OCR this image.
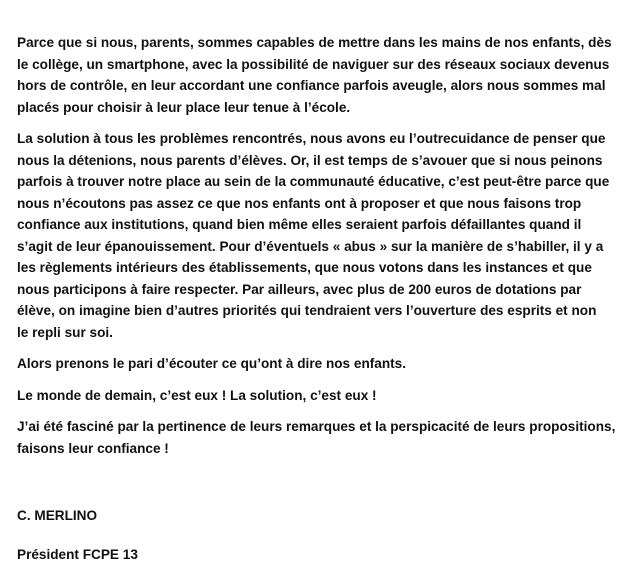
Parce que si nous, parents, sommes capables de mettre dans les mains de nos enfants, dès
le collège, un smartphone, avec la possibilité de naviguer sur des réseaux sociaux devenus
hors de contrôle, en leur accordant une confiance parfois aveugle, alors nous sommes mal
placés pour choisir à leur place leur tenue à l’école.
La solution à tous les problèmes rencontrés, nous avons eu l’outrecuidance de penser que
nous la détenions, nous parents d’élèves. Or, il est temps de s’avouer que si nous peinons
parfois à trouver notre place au sein de la communauté éducative, c’est peut-être parce que
nous n’écoutons pas assez ce que nos enfants ont à proposer et que nous faisons trop
confiance aux institutions, quand bien même elles seraient parfois défaillantes quand il
s’agit de leur épanouissement. Pour d’éventuels « abus » sur la manière de s’habiller, il y a
les règlements intérieurs des établissements, que nous votons dans les instances et que
nous participons à faire respecter. Par ailleurs, avec plus de 200 euros de dotations par
élève, on imagine bien d’autres priorités qui tendraient vers l’ouverture des esprits et non
le repli sur soi.
Alors prenons le pari d’écouter ce qu’ont à dire nos enfants.
Le monde de demain, c’est eux ! La solution, c’est eux !
J’ai été fasciné par la pertinence de leurs remarques et la perspicacité de leurs propositions,
faisons leur confiance !
C. MERLINO
Président FCPE 13
